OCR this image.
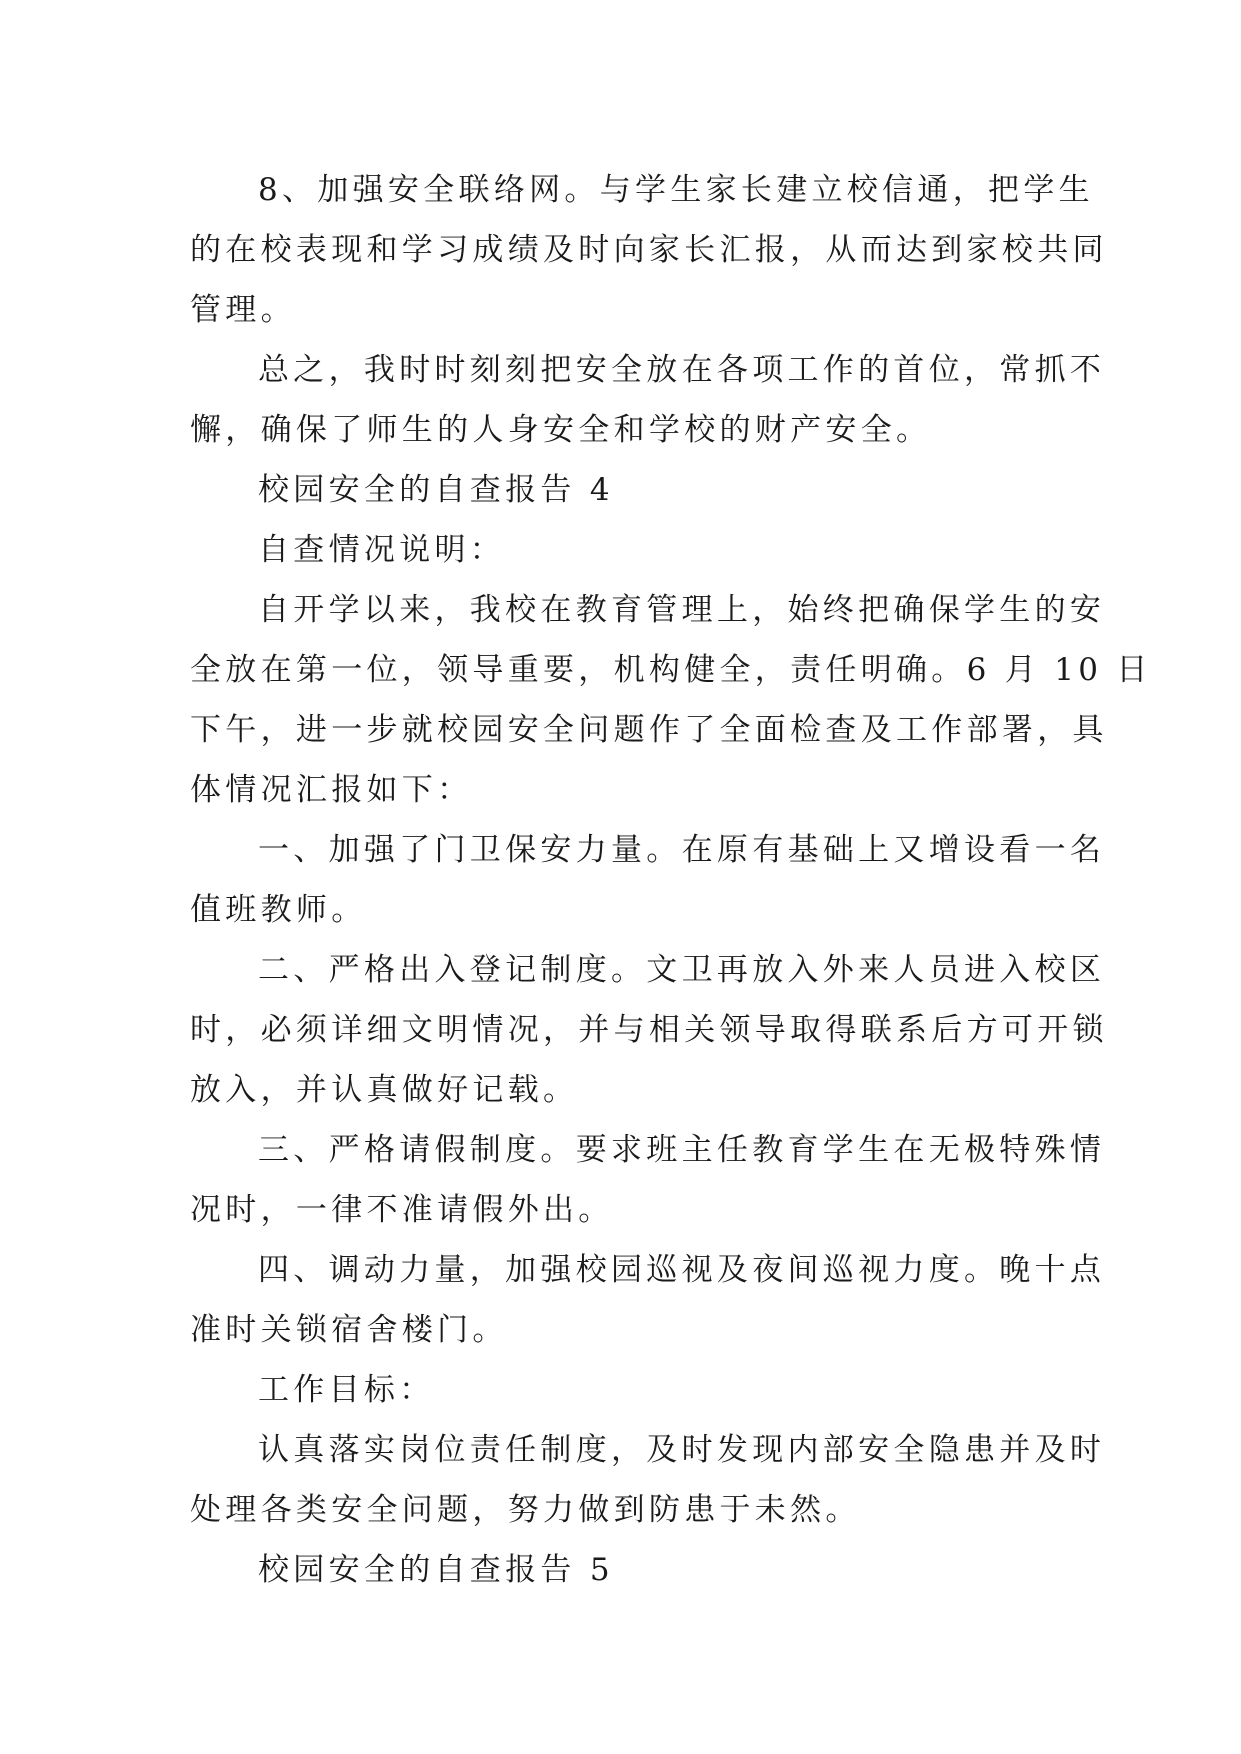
8、加强安全联络网。与学生家长建立校信通，把学生
的在校表现和学习成绩及时向家长汇报，从而达到家校共同
管理。

总之，我时时刻刻把安全放在各项工作的首位，常抓不
懈，确保了师生的人身安全和学校的财产安全。

校园安全的自查报告 4

自查情况说明：

自开学以来，我校在教育管理上，始终把确保学生的安
全放在第一位，领导重要，机构健全，责任明确。6 月 10 日
下午，进一步就校园安全问题作了全面检查及工作部署，具
体情况汇报如下：

一、加强了门卫保安力量。在原有基础上又增设看一名
值班教师。

二、严格出入登记制度。文卫再放入外来人员进入校区
时，必须详细文明情况，并与相关领导取得联系后方可开锁
放入，并认真做好记载。

三、严格请假制度。要求班主任教育学生在无极特殊情
况时，一律不准请假外出。

四、调动力量，加强校园巡视及夜间巡视力度。晚十点
准时关锁宿舍楼门。

工作目标：

认真落实岗位责任制度，及时发现内部安全隐患并及时
处理各类安全问题，努力做到防患于未然。

校园安全的自查报告 5
